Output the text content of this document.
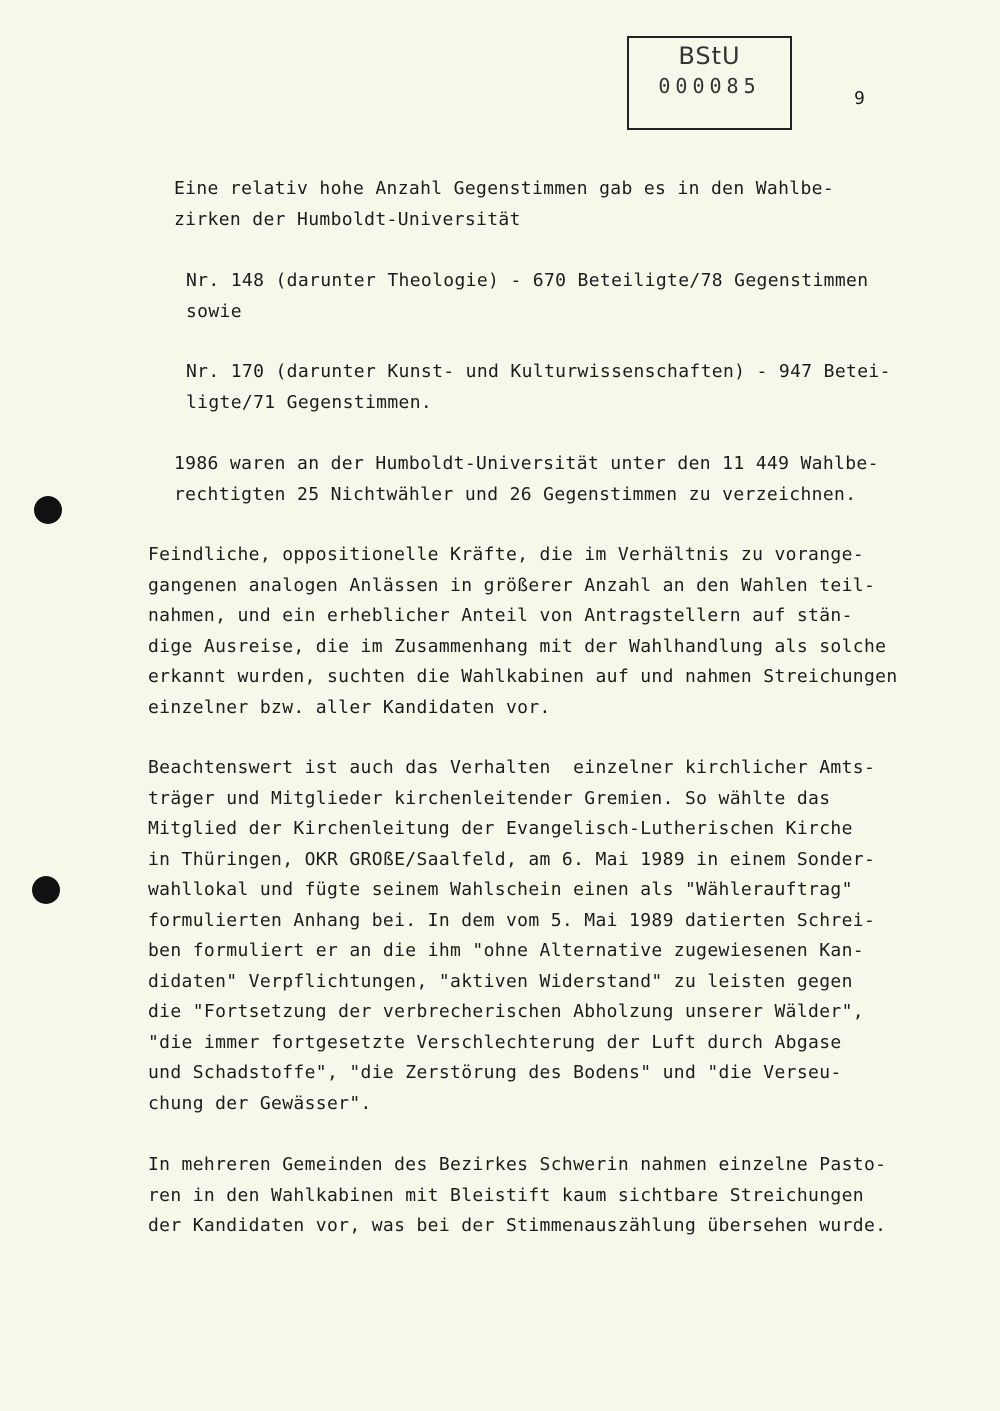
BStU
000085
9
Eine relativ hohe Anzahl Gegenstimmen gab es in den Wahlbe-
zirken der Humboldt-Universität
Nr. 148 (darunter Theologie) - 670 Beteiligte/78 Gegenstimmen
sowie
Nr. 170 (darunter Kunst- und Kulturwissenschaften) - 947 Betei-
ligte/71 Gegenstimmen.
1986 waren an der Humboldt-Universität unter den 11 449 Wahlbe-
rechtigten 25 Nichtwähler und 26 Gegenstimmen zu verzeichnen.
Feindliche, oppositionelle Kräfte, die im Verhältnis zu vorange-
gangenen analogen Anlässen in größerer Anzahl an den Wahlen teil-
nahmen, und ein erheblicher Anteil von Antragstellern auf stän-
dige Ausreise, die im Zusammenhang mit der Wahlhandlung als solche
erkannt wurden, suchten die Wahlkabinen auf und nahmen Streichungen
einzelner bzw. aller Kandidaten vor.
Beachtenswert ist auch das Verhalten  einzelner kirchlicher Amts-
träger und Mitglieder kirchenleitender Gremien. So wählte das
Mitglied der Kirchenleitung der Evangelisch-Lutherischen Kirche
in Thüringen, OKR GROßE/Saalfeld, am 6. Mai 1989 in einem Sonder-
wahllokal und fügte seinem Wahlschein einen als "Wählerauftrag"
formulierten Anhang bei. In dem vom 5. Mai 1989 datierten Schrei-
ben formuliert er an die ihm "ohne Alternative zugewiesenen Kan-
didaten" Verpflichtungen, "aktiven Widerstand" zu leisten gegen
die "Fortsetzung der verbrecherischen Abholzung unserer Wälder",
"die immer fortgesetzte Verschlechterung der Luft durch Abgase
und Schadstoffe", "die Zerstörung des Bodens" und "die Verseu-
chung der Gewässer".
In mehreren Gemeinden des Bezirkes Schwerin nahmen einzelne Pasto-
ren in den Wahlkabinen mit Bleistift kaum sichtbare Streichungen
der Kandidaten vor, was bei der Stimmenauszählung übersehen wurde.
